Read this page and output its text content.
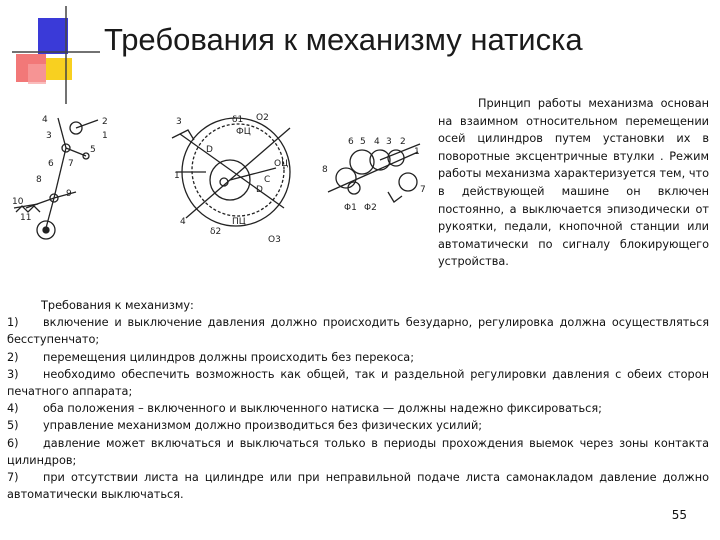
Требования к механизму натиска
4	2
1
3
5
6 7
8
9
10
11
3	O2
δ1
ФЦ
D
D
ОЦ
C
ПЦ
δ2
O3
4
1
6 5 4 3 2
1
Φ1 Φ2
8
7

Принцип работы механизма основан на взаимном относительном перемещении осей цилиндров путем установки их в поворотные эксцентричные втулки . Режим работы механизма характеризуется тем, что в действующей машине он включен постоянно, а выключается эпизодически от рукоятки, педали, кнопочной станции или автоматически по сигналу блокирующего устройства.

Требования к механизму:

1) включение и выключение давления должно происходить безударно, регулировка должна осуществляться бесступенчато;

2) перемещения цилиндров должны происходить без перекоса;

3) необходимо обеспечить возможность как общей, так и раздельной регулировки давления с обеих сторон печатного аппарата;

4) оба положения – включенного и выключенного натиска — должны надежно фиксироваться;

5) управление механизмом должно производиться без физических усилий;

6) давление может включаться и выключаться только в периоды прохождения выемок через зоны контакта цилиндров;

7) при отсутствии листа на цилиндре или при неправильной подаче листа самонакладом давление должно автоматически выключаться.

55
